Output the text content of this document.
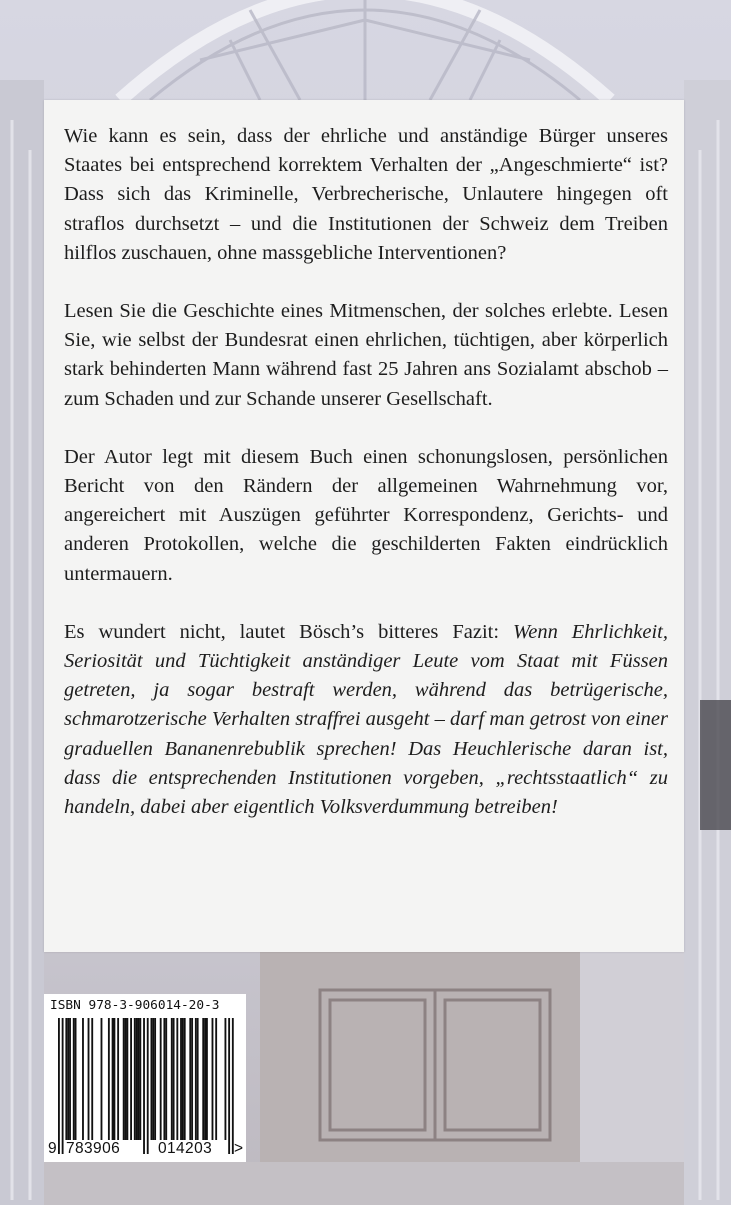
Wie kann es sein, dass der ehrliche und anständige Bürger unseres Staates bei entsprechend korrektem Verhalten der „Angeschmierte“ ist? Dass sich das Kriminelle, Verbrecherische, Unlautere hingegen oft straflos durchsetzt – und die Institutionen der Schweiz dem Treiben hilflos zuschauen, ohne massgebliche Interventionen?

Lesen Sie die Geschichte eines Mitmenschen, der solches erlebte. Lesen Sie, wie selbst der Bundesrat einen ehrlichen, tüchtigen, aber körperlich stark behinderten Mann während fast 25 Jahren ans Sozialamt abschob – zum Schaden und zur Schande unserer Gesellschaft.

Der Autor legt mit diesem Buch einen schonungslosen, persönlichen Bericht von den Rändern der allgemeinen Wahrnehmung vor, angereichert mit Auszügen geführter Korrespondenz, Gerichts- und anderen Protokollen, welche die geschilderten Fakten eindrücklich untermauern.

Es wundert nicht, lautet Bösch’s bitteres Fazit: Wenn Ehrlichkeit, Seriosität und Tüchtigkeit anständiger Leute vom Staat mit Füssen getreten, ja sogar bestraft werden, während das betrügerische, schmarotzerische Verhalten straffrei ausgeht – darf man getrost von einer graduellen Bananenrebublik sprechen! Das Heuchlerische daran ist, dass die entsprechenden Institutionen vorgeben, „rechtsstaatlich“ zu handeln, dabei aber eigentlich Volksverdummung betreiben!

ISBN 978-3-906014-20-3
9 783906 014203 >
